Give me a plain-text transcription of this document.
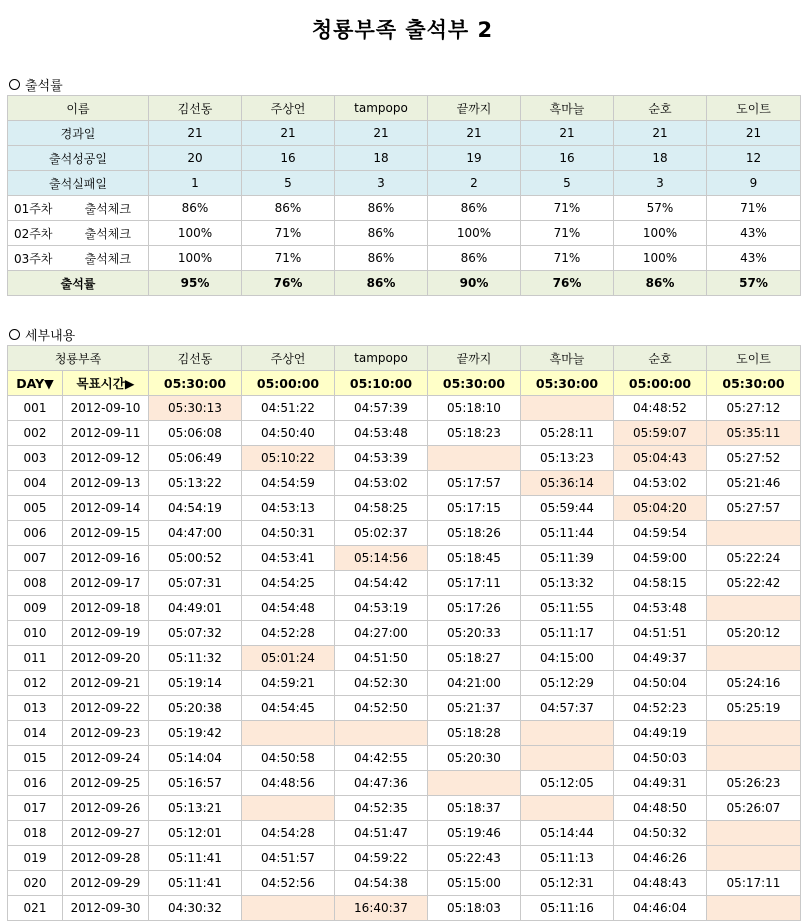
청룡부족 출석부 2
출석률
이름		김선동	주상언	tampopo	끝까지	흑마늘	순호	도이트
경과일		21	21	21	21	21	21	21
출석성공일		20	16	18	19	16	18	12
출석실패일		1	5	3	2	5	3	9
01주차	출석체크	86%	86%	86%	86%	71%	57%	71%
02주차	출석체크	100%	71%	86%	100%	71%	100%	43%
03주차	출석체크	100%	71%	86%	86%	71%	100%	43%
출석률		95%	76%	86%	90%	76%	86%	57%
세부내용
청룡부족		김선동	주상언	tampopo	끝까지	흑마늘	순호	도이트
DAY▼	목표시간▶	05:30:00	05:00:00	05:10:00	05:30:00	05:30:00	05:00:00	05:30:00
001	2012-09-10	05:30:13	04:51:22	04:57:39	05:18:10		04:48:52	05:27:12
002	2012-09-11	05:06:08	04:50:40	04:53:48	05:18:23	05:28:11	05:59:07	05:35:11
003	2012-09-12	05:06:49	05:10:22	04:53:39		05:13:23	05:04:43	05:27:52
004	2012-09-13	05:13:22	04:54:59	04:53:02	05:17:57	05:36:14	04:53:02	05:21:46
005	2012-09-14	04:54:19	04:53:13	04:58:25	05:17:15	05:59:44	05:04:20	05:27:57
006	2012-09-15	04:47:00	04:50:31	05:02:37	05:18:26	05:11:44	04:59:54	
007	2012-09-16	05:00:52	04:53:41	05:14:56	05:18:45	05:11:39	04:59:00	05:22:24
008	2012-09-17	05:07:31	04:54:25	04:54:42	05:17:11	05:13:32	04:58:15	05:22:42
009	2012-09-18	04:49:01	04:54:48	04:53:19	05:17:26	05:11:55	04:53:48	
010	2012-09-19	05:07:32	04:52:28	04:27:00	05:20:33	05:11:17	04:51:51	05:20:12
011	2012-09-20	05:11:32	05:01:24	04:51:50	05:18:27	04:15:00	04:49:37	
012	2012-09-21	05:19:14	04:59:21	04:52:30	04:21:00	05:12:29	04:50:04	05:24:16
013	2012-09-22	05:20:38	04:54:45	04:52:50	05:21:37	04:57:37	04:52:23	05:25:19
014	2012-09-23	05:19:42			05:18:28		04:49:19	
015	2012-09-24	05:14:04	04:50:58	04:42:55	05:20:30		04:50:03	
016	2012-09-25	05:16:57	04:48:56	04:47:36		05:12:05	04:49:31	05:26:23
017	2012-09-26	05:13:21		04:52:35	05:18:37		04:48:50	05:26:07
018	2012-09-27	05:12:01	04:54:28	04:51:47	05:19:46	05:14:44	04:50:32	
019	2012-09-28	05:11:41	04:51:57	04:59:22	05:22:43	05:11:13	04:46:26	
020	2012-09-29	05:11:41	04:52:56	04:54:38	05:15:00	05:12:31	04:48:43	05:17:11
021	2012-09-30	04:30:32		16:40:37	05:18:03	05:11:16	04:46:04	
